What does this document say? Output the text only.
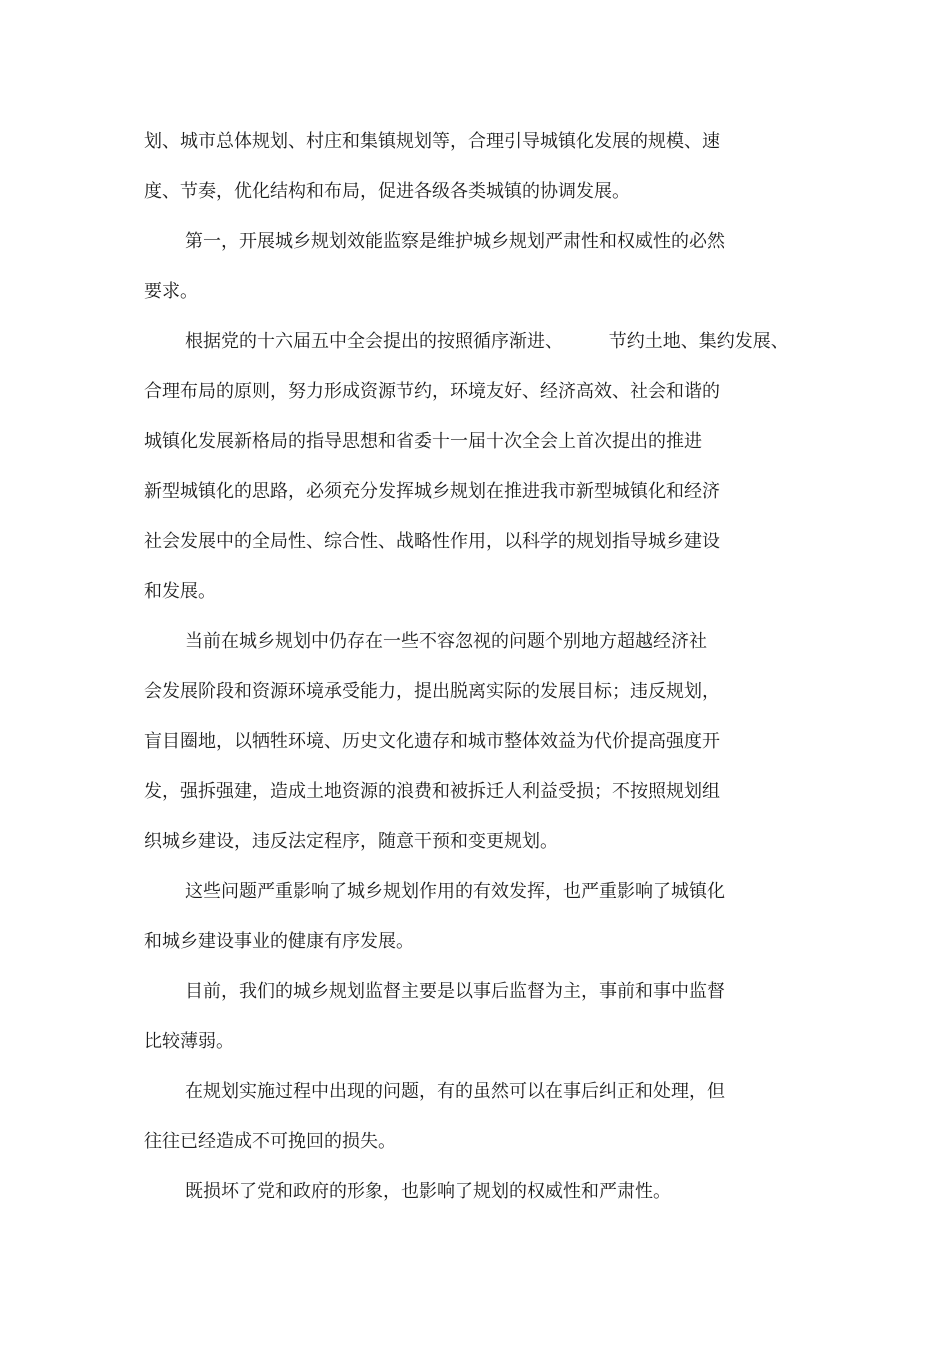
划、城市总体规划、村庄和集镇规划等，合理引导城镇化发展的规模、速

度、节奏，优化结构和布局，促进各级各类城镇的协调发展。

第一，开展城乡规划效能监察是维护城乡规划严肃性和权威性的必然

要求。

根据党的十六届五中全会提出的按照循序渐进、        节约土地、集约发展、

合理布局的原则，努力形成资源节约，环境友好、经济高效、社会和谐的

城镇化发展新格局的指导思想和省委十一届十次全会上首次提出的推进

新型城镇化的思路，必须充分发挥城乡规划在推进我市新型城镇化和经济

社会发展中的全局性、综合性、战略性作用，以科学的规划指导城乡建设

和发展。

当前在城乡规划中仍存在一些不容忽视的问题个别地方超越经济社

会发展阶段和资源环境承受能力，提出脱离实际的发展目标；违反规划，

盲目圈地，以牺牲环境、历史文化遗存和城市整体效益为代价提高强度开

发，强拆强建，造成土地资源的浪费和被拆迁人利益受损；不按照规划组

织城乡建设，违反法定程序，随意干预和变更规划。

这些问题严重影响了城乡规划作用的有效发挥，也严重影响了城镇化

和城乡建设事业的健康有序发展。

目前，我们的城乡规划监督主要是以事后监督为主，事前和事中监督

比较薄弱。

在规划实施过程中出现的问题，有的虽然可以在事后纠正和处理，但

往往已经造成不可挽回的损失。

既损坏了党和政府的形象，也影响了规划的权威性和严肃性。
